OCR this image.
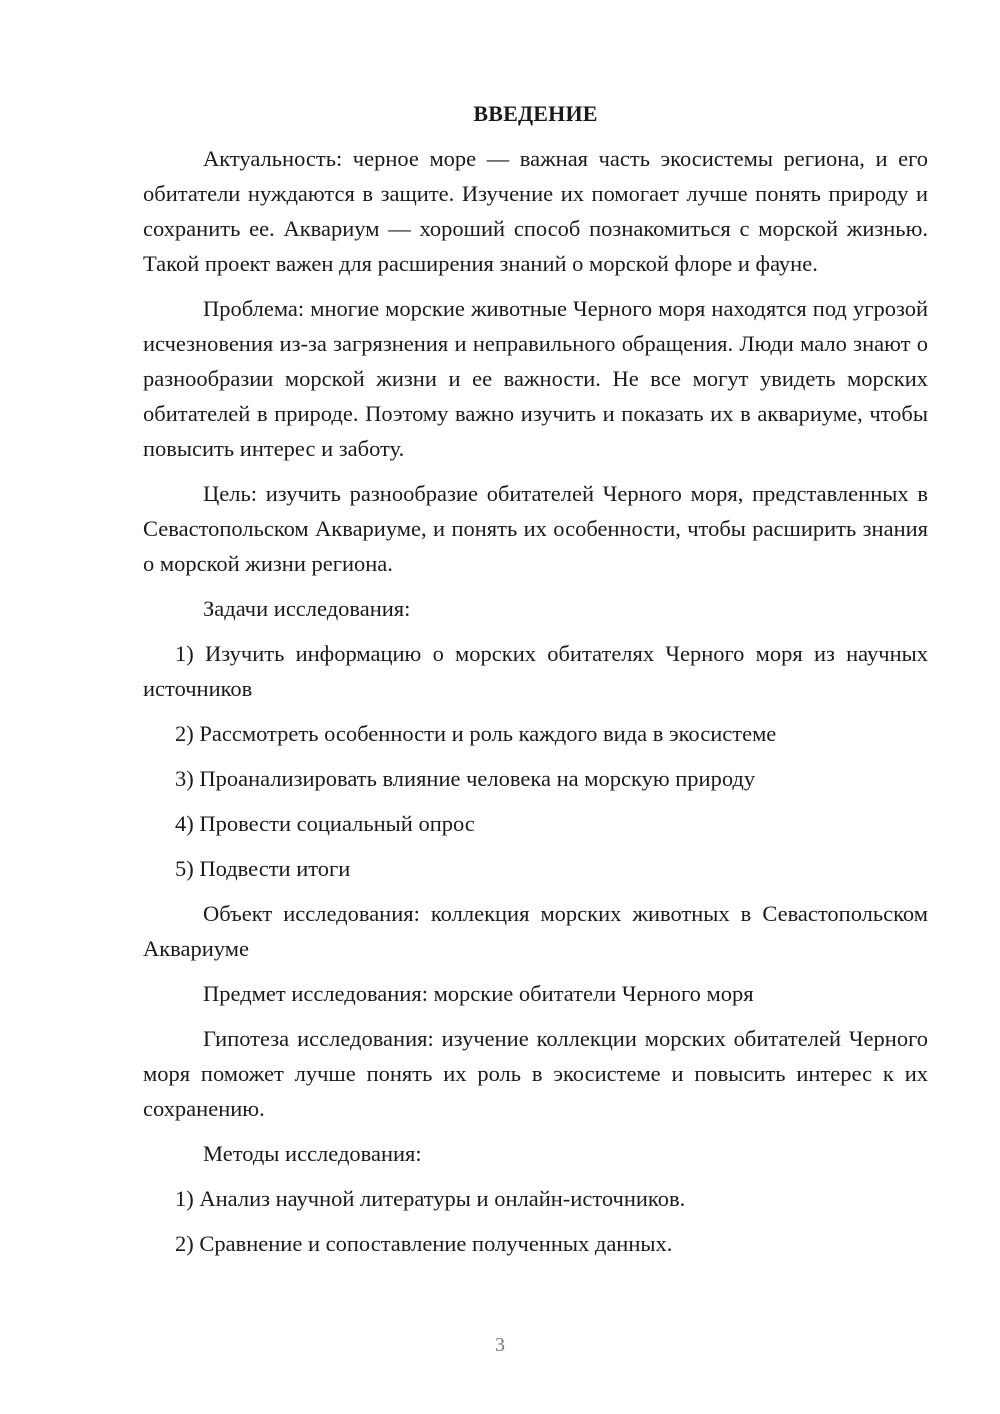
ВВЕДЕНИЕ

Актуальность: черное море — важная часть экосистемы региона, и его обитатели нуждаются в защите. Изучение их помогает лучше понять природу и сохранить ее. Аквариум — хороший способ познакомиться с морской жизнью. Такой проект важен для расширения знаний о морской флоре и фауне.

Проблема: многие морские животные Черного моря находятся под угрозой исчезновения из-за загрязнения и неправильного обращения. Люди мало знают о разнообразии морской жизни и ее важности. Не все могут увидеть морских обитателей в природе. Поэтому важно изучить и показать их в аквариуме, чтобы повысить интерес и заботу.

Цель: изучить разнообразие обитателей Черного моря, представленных в Севастопольском Аквариуме, и понять их особенности, чтобы расширить знания о морской жизни региона.

Задачи исследования:

1) Изучить информацию о морских обитателях Черного моря из научных источников

2) Рассмотреть особенности и роль каждого вида в экосистеме

3) Проанализировать влияние человека на морскую природу

4) Провести социальный опрос

5) Подвести итоги

Объект исследования: коллекция морских животных в Севастопольском Аквариуме

Предмет исследования: морские обитатели Черного моря

Гипотеза исследования: изучение коллекции морских обитателей Черного моря поможет лучше понять их роль в экосистеме и повысить интерес к их сохранению.

Методы исследования:

1) Анализ научной литературы и онлайн-источников.

2) Сравнение и сопоставление полученных данных.

3
